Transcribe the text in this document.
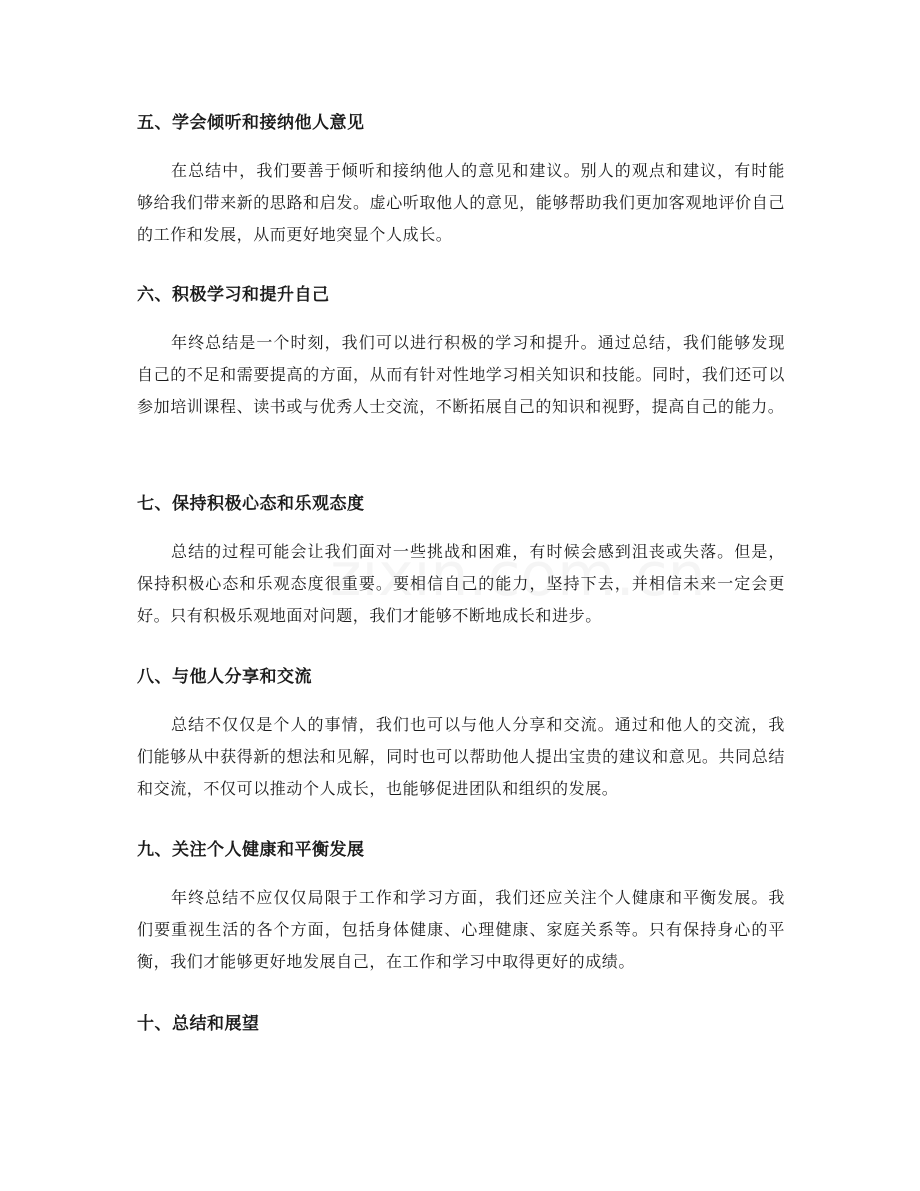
五、学会倾听和接纳他人意见

在总结中，我们要善于倾听和接纳他人的意见和建议。别人的观点和建议，有时能够给我们带来新的思路和启发。虚心听取他人的意见，能够帮助我们更加客观地评价自己的工作和发展，从而更好地突显个人成长。

六、积极学习和提升自己

年终总结是一个时刻，我们可以进行积极的学习和提升。通过总结，我们能够发现自己的不足和需要提高的方面，从而有针对性地学习相关知识和技能。同时，我们还可以参加培训课程、读书或与优秀人士交流，不断拓展自己的知识和视野，提高自己的能力。

七、保持积极心态和乐观态度

总结的过程可能会让我们面对一些挑战和困难，有时候会感到沮丧或失落。但是，保持积极心态和乐观态度很重要。要相信自己的能力，坚持下去，并相信未来一定会更好。只有积极乐观地面对问题，我们才能够不断地成长和进步。

八、与他人分享和交流

总结不仅仅是个人的事情，我们也可以与他人分享和交流。通过和他人的交流，我们能够从中获得新的想法和见解，同时也可以帮助他人提出宝贵的建议和意见。共同总结和交流，不仅可以推动个人成长，也能够促进团队和组织的发展。

九、关注个人健康和平衡发展

年终总结不应仅仅局限于工作和学习方面，我们还应关注个人健康和平衡发展。我们要重视生活的各个方面，包括身体健康、心理健康、家庭关系等。只有保持身心的平衡，我们才能够更好地发展自己，在工作和学习中取得更好的成绩。

十、总结和展望
